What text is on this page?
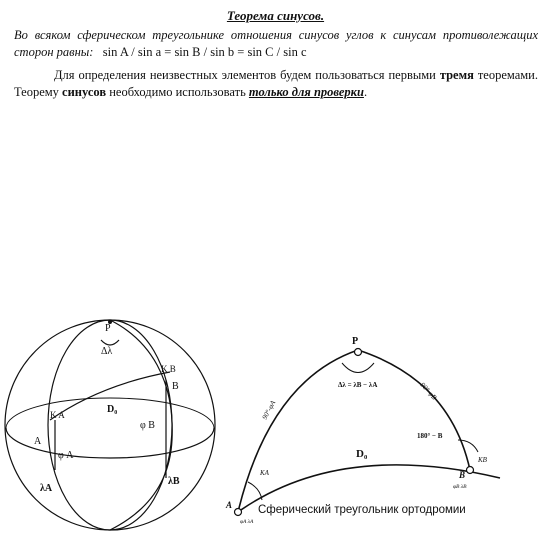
Теорема синусов.
Во всяком сферическом треугольнике отношения синусов углов к синусам противолежащих сторон равны: sin A / sin a = sin B / sin b = sin C / sin c
Для определения неизвестных элементов будем пользоваться первыми тремя теоремами. Теорему синусов необходимо использовать только для проверки.
P
Δλ
K B
B
D₀
K A
φ B
A
φ A
λA
λB
P
Δλ = λB − λA
90°-φA
90°-φB
180° − B
D₀
KA
KB
A
B
φA λA
φB λB
Сферический треугольник ортодромии
